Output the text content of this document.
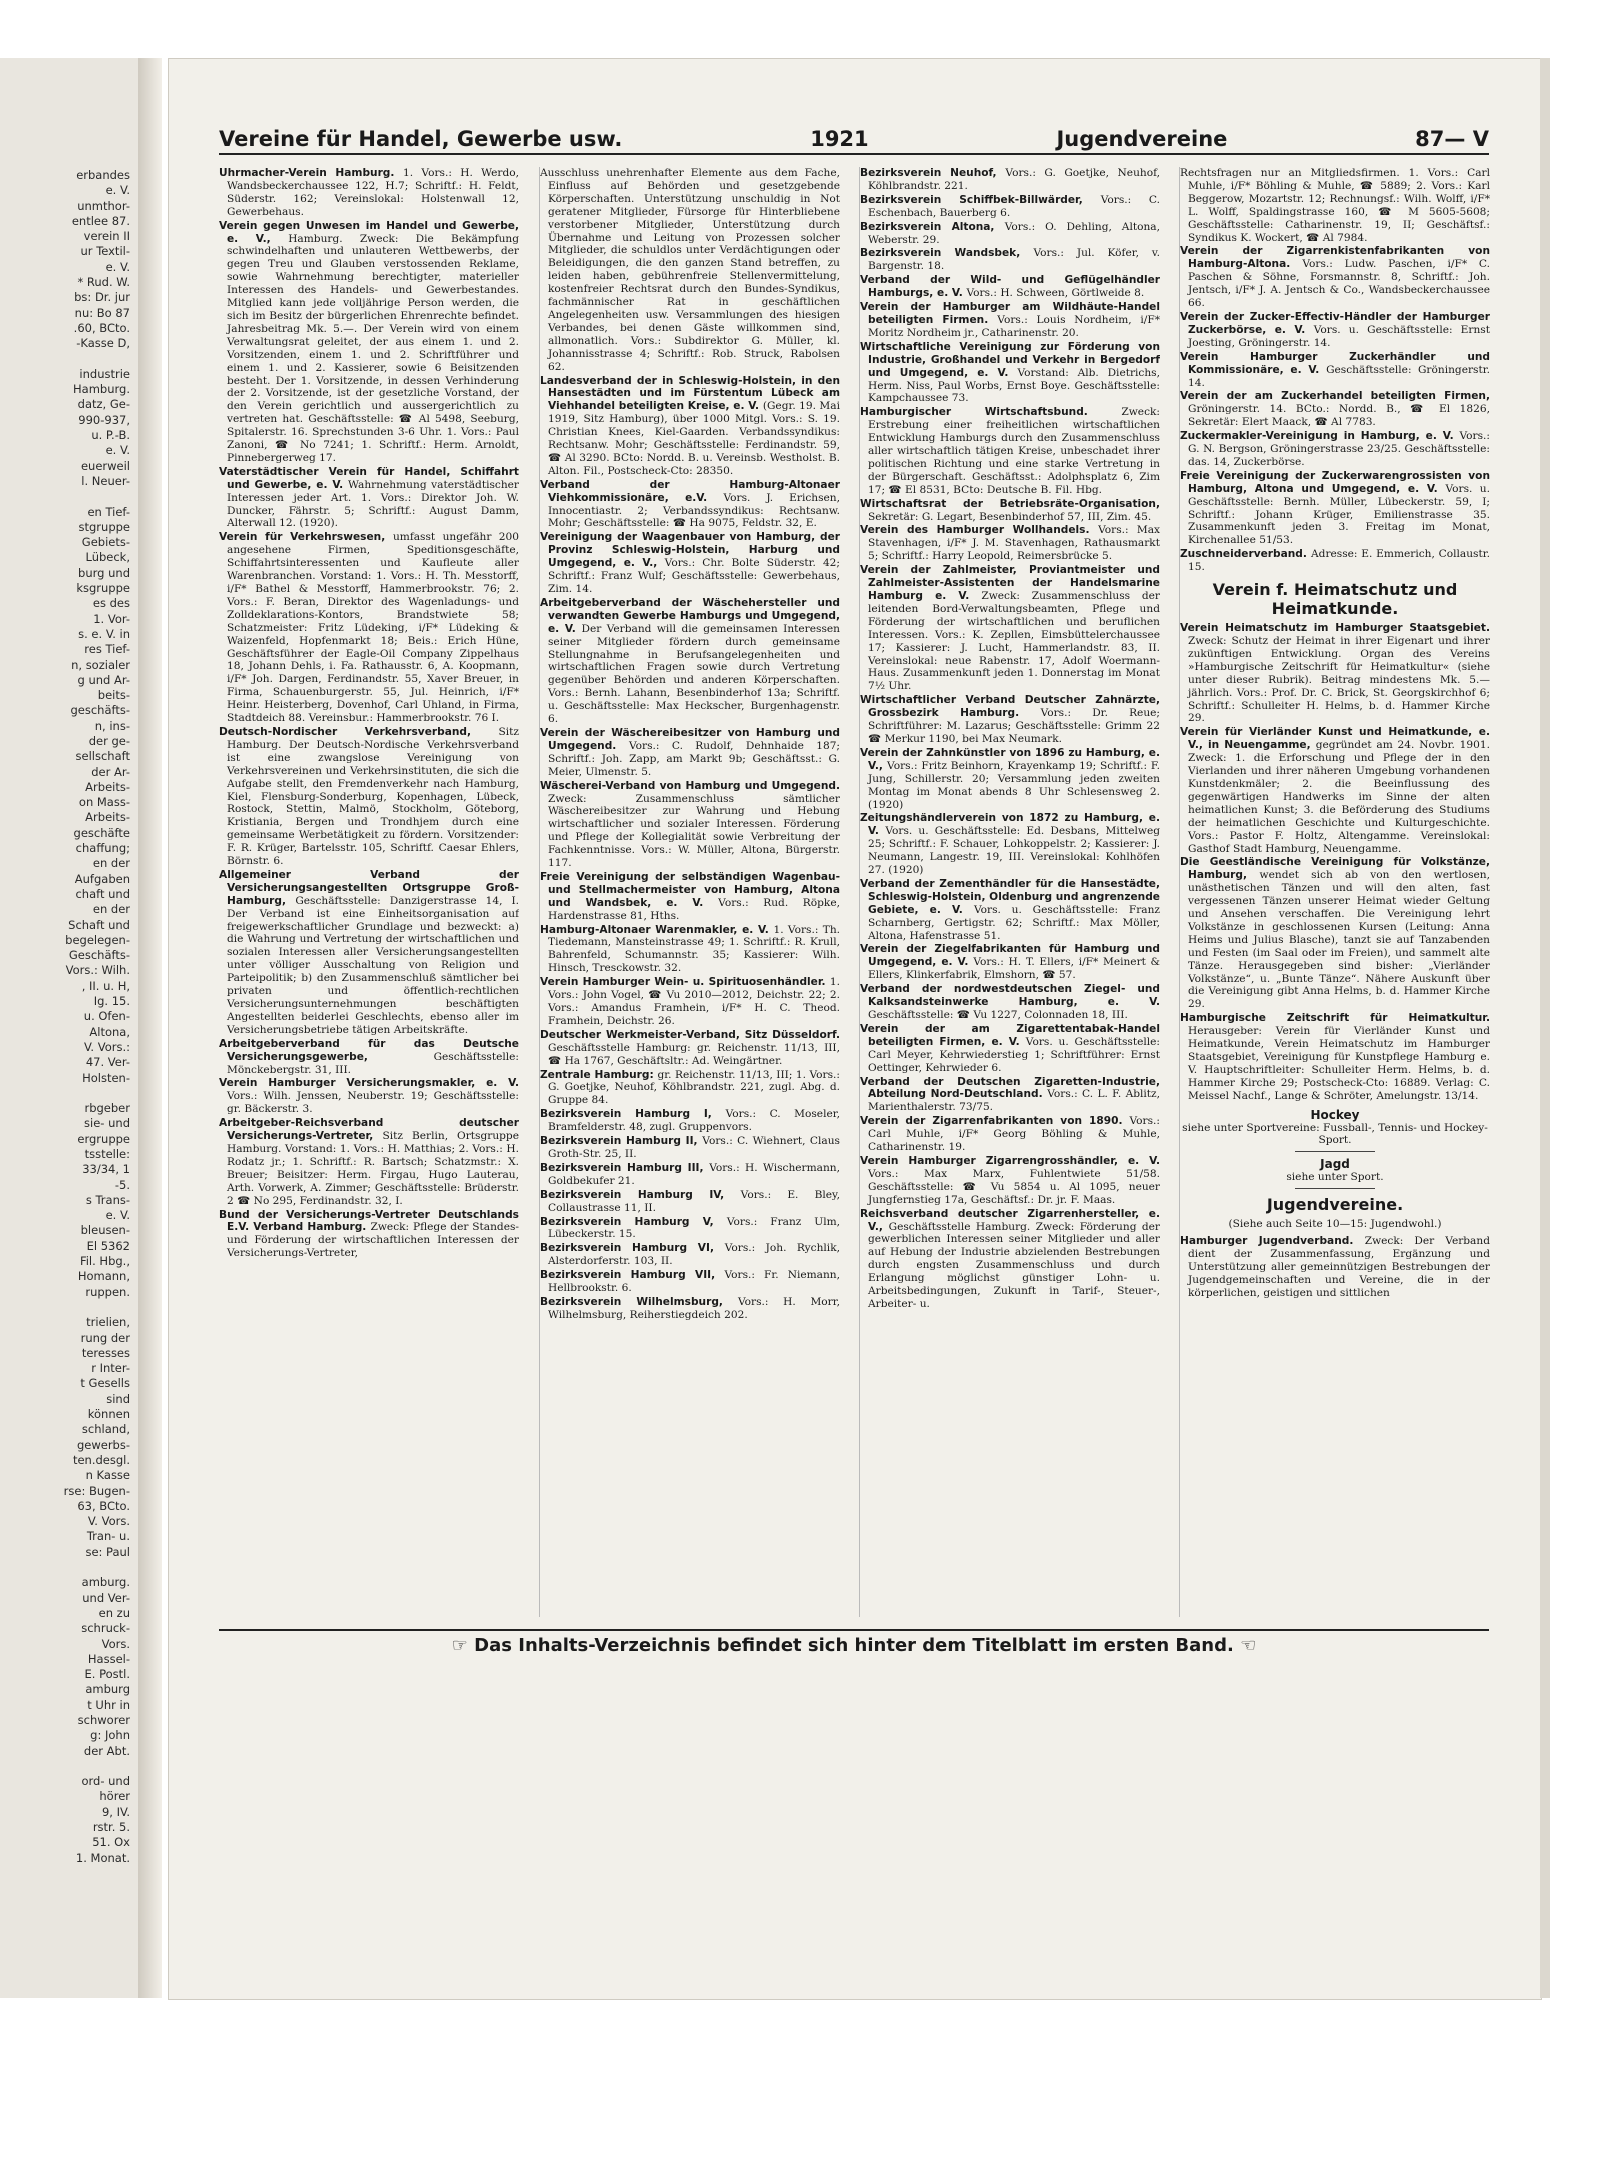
erbandes
e. V.
unmthor-
entlee 87.
verein II
ur Textil-
e. V.
* Rud. W.
bs: Dr. jur
nu: Bo 87
.60, BCto.
-Kasse D,

industrie
Hamburg.
datz, Ge-
990-937,
u. P.-B.
e. V.
euerweil
l. Neuer-

en Tief-
stgruppe
Gebiets-
Lübeck,
burg und
ksgruppe
es des
1. Vor-
s. e. V. in
res Tief-
n, sozialer
g und Ar-
beits-
geschäfts-
n, ins-
der ge-
sellschaft
der Ar-
Arbeits-
on Mass-
Arbeits-
geschäfte
chaffung;
en der
Aufgaben
chaft und
en der
Schaft und
begelegen-
Geschäfts-
Vors.: Wilh.
, II. u. H,
Ig. 15.
u. Ofen-
Altona,
V. Vors.:
47. Ver-
Holsten-

rbgeber
sie- und
ergruppe
tsstelle:
33/34, 1
-5.
s Trans-
e. V.
bleusen-
El 5362
Fil. Hbg.,
Homann,
ruppen.

trielien,
rung der
teresses
r Inter-
t Gesells
sind
können
schland,
gewerbs-
ten.desgl.
n Kasse
rse: Bugen-
63, BCto.
V. Vors.
Tran- u.
se: Paul

amburg.
und Ver-
en zu
schruck-
Vors.
Hassel-
E. Postl.
amburg
t Uhr in
schworer
g: John
der Abt.

ord- und
hörer
9, IV.
rstr. 5.
51. Ox
1. Monat.
Vereine für Handel, Gewerbe usw.	1921	Jugendvereine	87— V
Uhrmacher-Verein Hamburg. 1. Vors.: H. Werdo, Wandsbeckerchaussee 122, H.7; Schriftf.: H. Feldt, Süderstr. 162; Vereinslokal: Holstenwall 12, Gewerbehaus.
Verein gegen Unwesen im Handel und Gewerbe, e. V., Hamburg. Zweck: Die Bekämpfung schwindelhaften und unlauteren Wettbewerbs, der gegen Treu und Glauben verstossenden Reklame, sowie Wahrnehmung berechtigter, materieller Interessen des Handels- und Gewerbestandes. Mitglied kann jede volljährige Person werden, die sich im Besitz der bürgerlichen Ehrenrechte befindet. Jahresbeitrag Mk. 5.—. Der Verein wird von einem Verwaltungsrat geleitet, der aus einem 1. und 2. Vorsitzenden, einem 1. und 2. Schriftführer und einem 1. und 2. Kassierer, sowie 6 Beisitzenden besteht. Der 1. Vorsitzende, in dessen Verhinderung der 2. Vorsitzende, ist der gesetzliche Vorstand, der den Verein gerichtlich und aussergerichtlich zu vertreten hat. Geschäftsstelle: ☎ Al 5498, Seeburg, Spitalerstr. 16. Sprechstunden 3-6 Uhr. 1. Vors.: Paul Zanoni, ☎ No 7241; 1. Schriftf.: Herm. Arnoldt, Pinnebergerweg 17.
Vaterstädtischer Verein für Handel, Schiffahrt und Gewerbe, e. V. Wahrnehmung vaterstädtischer Interessen jeder Art. 1. Vors.: Direktor Joh. W. Duncker, Fährstr. 5; Schriftf.: August Damm, Alterwall 12. (1920).
Verein für Verkehrswesen, umfasst ungefähr 200 angesehene Firmen, Speditionsgeschäfte, Schiffahrtsinteressenten und Kaufleute aller Warenbranchen. Vorstand: 1. Vors.: H. Th. Messtorff, i/F* Bathel & Messtorff, Hammerbrookstr. 76; 2. Vors.: F. Beran, Direktor des Wagenladungs- und Zolldeklarations-Kontors, Brandstwiete 58; Schatzmeister: Fritz Lüdeking, i/F* Lüdeking & Waizenfeld, Hopfenmarkt 18; Beis.: Erich Hüne, Geschäftsführer der Eagle-Oil Company Zippelhaus 18, Johann Dehls, i. Fa. Rathausstr. 6, A. Koopmann, i/F* Joh. Dargen, Ferdinandstr. 55, Xaver Breuer, in Firma, Schauenburgerstr. 55, Jul. Heinrich, i/F* Heinr. Heisterberg, Dovenhof, Carl Uhland, in Firma, Stadtdeich 88. Vereinsbur.: Hammerbrookstr. 76 I.
Deutsch-Nordischer Verkehrsverband, Sitz Hamburg. Der Deutsch-Nordische Verkehrsverband ist eine zwangslose Vereinigung von Verkehrsvereinen und Verkehrsinstituten, die sich die Aufgabe stellt, den Fremdenverkehr nach Hamburg, Kiel, Flensburg-Sonderburg, Kopenhagen, Lübeck, Rostock, Stettin, Malmö, Stockholm, Göteborg, Kristiania, Bergen und Trondhjem durch eine gemeinsame Werbetätigkeit zu fördern. Vorsitzender: F. R. Krüger, Bartelsstr. 105, Schriftf. Caesar Ehlers, Börnstr. 6.
Allgemeiner Verband der Versicherungsangestellten Ortsgruppe Groß-Hamburg, Geschäftsstelle: Danzigerstrasse 14, I. Der Verband ist eine Einheitsorganisation auf freigewerkschaftlicher Grundlage und bezweckt: a) die Wahrung und Vertretung der wirtschaftlichen und sozialen Interessen aller Versicherungsangestellten unter völliger Ausschaltung von Religion und Parteipolitik; b) den Zusammenschluß sämtlicher bei privaten und öffentlich-rechtlichen Versicherungsunternehmungen beschäftigten Angestellten beiderlei Geschlechts, ebenso aller im Versicherungsbetriebe tätigen Arbeitskräfte.
Arbeitgeberverband für das Deutsche Versicherungsgewerbe, Geschäftsstelle: Mönckebergstr. 31, III.
Verein Hamburger Versicherungsmakler, e. V. Vors.: Wilh. Jenssen, Neuberstr. 19; Geschäftsstelle: gr. Bäckerstr. 3.
Arbeitgeber-Reichsverband deutscher Versicherungs-Vertreter, Sitz Berlin, Ortsgruppe Hamburg. Vorstand: 1. Vors.: H. Matthias; 2. Vors.: H. Rodatz jr.; 1. Schriftf.: R. Bartsch; Schatzmstr.: X. Breuer; Beisitzer: Herm. Firgau, Hugo Lauterau, Arth. Vorwerk, A. Zimmer; Geschäftsstelle: Brüderstr. 2 ☎ No 295, Ferdinandstr. 32, I.
Bund der Versicherungs-Vertreter Deutschlands E.V. Verband Hamburg. Zweck: Pflege der Standes- und Förderung der wirtschaftlichen Interessen der Versicherungs-Vertreter,
Ausschluss unehrenhafter Elemente aus dem Fache, Einfluss auf Behörden und gesetzgebende Körperschaften. Unterstützung unschuldig in Not geratener Mitglieder, Fürsorge für Hinterbliebene verstorbener Mitglieder, Unterstützung durch Übernahme und Leitung von Prozessen solcher Mitglieder, die schuldlos unter Verdächtigungen oder Beleidigungen, die den ganzen Stand betreffen, zu leiden haben, gebührenfreie Stellenvermittelung, kostenfreier Rechtsrat durch den Bundes-Syndikus, fachmännischer Rat in geschäftlichen Angelegenheiten usw. Versammlungen des hiesigen Verbandes, bei denen Gäste willkommen sind, allmonatlich. Vors.: Subdirektor G. Müller, kl. Johannisstrasse 4; Schriftf.: Rob. Struck, Rabolsen 62.
Landesverband der in Schleswig-Holstein, in den Hansestädten und im Fürstentum Lübeck am Viehhandel beteiligten Kreise, e. V. (Gegr. 19. Mai 1919, Sitz Hamburg), über 1000 Mitgl. Vors.: S. 19. Christian Knees, Kiel-Gaarden. Verbandssyndikus: Rechtsanw. Mohr; Geschäftsstelle: Ferdinandstr. 59, ☎ Al 3290. BCto: Nordd. B. u. Vereinsb. Westholst. B. Alton. Fil., Postscheck-Cto: 28350.
Verband der Hamburg-Altonaer Viehkommissionäre, e.V. Vors. J. Erichsen, Innocentiastr. 2; Verbandssyndikus: Rechtsanw. Mohr; Geschäftsstelle: ☎ Ha 9075, Feldstr. 32, E.
Vereinigung der Waagenbauer von Hamburg, der Provinz Schleswig-Holstein, Harburg und Umgegend, e. V., Vors.: Chr. Bolte Süderstr. 42; Schriftf.: Franz Wulf; Geschäftsstelle: Gewerbehaus, Zim. 14.
Arbeitgeberverband der Wäschehersteller und verwandten Gewerbe Hamburgs und Umgegend, e. V. Der Verband will die gemeinsamen Interessen seiner Mitglieder fördern durch gemeinsame Stellungnahme in Berufsangelegenheiten und wirtschaftlichen Fragen sowie durch Vertretung gegenüber Behörden und anderen Körperschaften. Vors.: Bernh. Lahann, Besenbinderhof 13a; Schriftf. u. Geschäftsstelle: Max Heckscher, Burgenhagenstr. 6.
Verein der Wäschereibesitzer von Hamburg und Umgegend. Vors.: C. Rudolf, Dehnhaide 187; Schriftf.: Joh. Zapp, am Markt 9b; Geschäftsst.: G. Meier, Ulmenstr. 5.
Wäscherei-Verband von Hamburg und Umgegend. Zweck: Zusammenschluss sämtlicher Wäschereibesitzer zur Wahrung und Hebung wirtschaftlicher und sozialer Interessen. Förderung und Pflege der Kollegialität sowie Verbreitung der Fachkenntnisse. Vors.: W. Müller, Altona, Bürgerstr. 117.
Freie Vereinigung der selbständigen Wagenbau- und Stellmachermeister von Hamburg, Altona und Wandsbek, e. V. Vors.: Rud. Röpke, Hardenstrasse 81, Hths.
Hamburg-Altonaer Warenmakler, e. V. 1. Vors.: Th. Tiedemann, Mansteinstrasse 49; 1. Schriftf.: R. Krull, Bahrenfeld, Schumannstr. 35; Kassierer: Wilh. Hinsch, Tresckowstr. 32.
Verein Hamburger Wein- u. Spirituosenhändler. 1. Vors.: John Vogel, ☎ Vu 2010—2012, Deichstr. 22; 2. Vors.: Amandus Framhein, i/F* H. C. Theod. Framhein, Deichstr. 26.
Deutscher Werkmeister-Verband, Sitz Düsseldorf. Geschäftsstelle Hamburg: gr. Reichenstr. 11/13, III, ☎ Ha 1767, Geschäftsltr.: Ad. Weingärtner.
Zentrale Hamburg: gr. Reichenstr. 11/13, III; 1. Vors.: G. Goetjke, Neuhof, Köhlbrandstr. 221, zugl. Abg. d. Gruppe 84.
Bezirksverein Hamburg I, Vors.: C. Moseler, Bramfelderstr. 48, zugl. Gruppenvors.
Bezirksverein Hamburg II, Vors.: C. Wiehnert, Claus Groth-Str. 25, II.
Bezirksverein Hamburg III, Vors.: H. Wischermann, Goldbekufer 21.
Bezirksverein Hamburg IV, Vors.: E. Bley, Collaustrasse 11, II.
Bezirksverein Hamburg V, Vors.: Franz Ulm, Lübeckerstr. 15.
Bezirksverein Hamburg VI, Vors.: Joh. Rychlik, Alsterdorferstr. 103, II.
Bezirksverein Hamburg VII, Vors.: Fr. Niemann, Hellbrookstr. 6.
Bezirksverein Wilhelmsburg, Vors.: H. Morr, Wilhelmsburg, Reiherstiegdeich 202.
Bezirksverein Neuhof, Vors.: G. Goetjke, Neuhof, Köhlbrandstr. 221.
Bezirksverein Schiffbek-Billwärder, Vors.: C. Eschenbach, Bauerberg 6.
Bezirksverein Altona, Vors.: O. Dehling, Altona, Weberstr. 29.
Bezirksverein Wandsbek, Vors.: Jul. Köfer, v. Bargenstr. 18.
Verband der Wild- und Geflügelhändler Hamburgs, e. V. Vors.: H. Schween, Görtlweide 8.
Verein der Hamburger am Wildhäute-Handel beteiligten Firmen. Vors.: Louis Nordheim, i/F* Moritz Nordheim jr., Catharinenstr. 20.
Wirtschaftliche Vereinigung zur Förderung von Industrie, Großhandel und Verkehr in Bergedorf und Umgegend, e. V. Vorstand: Alb. Dietrichs, Herm. Niss, Paul Worbs, Ernst Boye. Geschäftsstelle: Kampchaussee 73.
Hamburgischer Wirtschaftsbund. Zweck: Erstrebung einer freiheitlichen wirtschaftlichen Entwicklung Hamburgs durch den Zusammenschluss aller wirtschaftlich tätigen Kreise, unbeschadet ihrer politischen Richtung und eine starke Vertretung in der Bürgerschaft. Geschäftsst.: Adolphsplatz 6, Zim 17; ☎ El 8531, BCto: Deutsche B. Fil. Hbg.
Wirtschaftsrat der Betriebsräte-Organisation, Sekretär: G. Legart, Besenbinderhof 57, III, Zim. 45.
Verein des Hamburger Wollhandels. Vors.: Max Stavenhagen, i/F* J. M. Stavenhagen, Rathausmarkt 5; Schriftf.: Harry Leopold, Reimersbrücke 5.
Verein der Zahlmeister, Proviantmeister und Zahlmeister-Assistenten der Handelsmarine Hamburg e. V. Zweck: Zusammenschluss der leitenden Bord-Verwaltungsbeamten, Pflege und Förderung der wirtschaftlichen und beruflichen Interessen. Vors.: K. Zepllen, Eimsbüttelerchaussee 17; Kassierer: J. Lucht, Hammerlandstr. 83, II. Vereinslokal: neue Rabenstr. 17, Adolf Woermann-Haus. Zusammenkunft jeden 1. Donnerstag im Monat 7½ Uhr.
Wirtschaftlicher Verband Deutscher Zahnärzte, Grossbezirk Hamburg. Vors.: Dr. Reue; Schriftführer: M. Lazarus; Geschäftsstelle: Grimm 22 ☎ Merkur 1190, bei Max Neumark.
Verein der Zahnkünstler von 1896 zu Hamburg, e. V., Vors.: Fritz Beinhorn, Krayenkamp 19; Schriftf.: F. Jung, Schillerstr. 20; Versammlung jeden zweiten Montag im Monat abends 8 Uhr Schlesensweg 2. (1920)
Zeitungshändlerverein von 1872 zu Hamburg, e. V. Vors. u. Geschäftsstelle: Ed. Desbans, Mittelweg 25; Schriftf.: F. Schauer, Lohkoppelstr. 2; Kassierer: J. Neumann, Langestr. 19, III. Vereinslokal: Kohlhöfen 27. (1920)
Verband der Zementhändler für die Hansestädte, Schleswig-Holstein, Oldenburg und angrenzende Gebiete, e. V. Vors. u. Geschäftsstelle: Franz Scharnberg, Gertigstr. 62; Schriftf.: Max Möller, Altona, Hafenstrasse 51.
Verein der Ziegelfabrikanten für Hamburg und Umgegend, e. V. Vors.: H. T. Ellers, i/F* Meinert & Ellers, Klinkerfabrik, Elmshorn, ☎ 57.
Verband der nordwestdeutschen Ziegel- und Kalksandsteinwerke Hamburg, e. V. Geschäftsstelle: ☎ Vu 1227, Colonnaden 18, III.
Verein der am Zigarettentabak-Handel beteiligten Firmen, e. V. Vors. u. Geschäftsstelle: Carl Meyer, Kehrwiederstieg 1; Schriftführer: Ernst Oettinger, Kehrwieder 6.
Verband der Deutschen Zigaretten-Industrie, Abteilung Nord-Deutschland. Vors.: C. L. F. Ablitz, Marienthalerstr. 73/75.
Verein der Zigarrenfabrikanten von 1890. Vors.: Carl Muhle, i/F* Georg Böhling & Muhle, Catharinenstr. 19.
Verein Hamburger Zigarrengrosshändler, e. V. Vors.: Max Marx, Fuhlentwiete 51/58. Geschäftsstelle: ☎ Vu 5854 u. Al 1095, neuer Jungfernstieg 17a, Geschäftsf.: Dr. jr. F. Maas.
Reichsverband deutscher Zigarrenhersteller, e. V., Geschäftsstelle Hamburg. Zweck: Förderung der gewerblichen Interessen seiner Mitglieder und aller auf Hebung der Industrie abzielenden Bestrebungen durch engsten Zusammenschluss und durch Erlangung möglichst günstiger Lohn- u. Arbeitsbedingungen, Zukunft in Tarif-, Steuer-, Arbeiter- u.
Rechtsfragen nur an Mitgliedsfirmen. 1. Vors.: Carl Muhle, i/F* Böhling & Muhle, ☎ 5889; 2. Vors.: Karl Beggerow, Mozartstr. 12; Rechnungsf.: Wilh. Wolff, i/F* L. Wolff, Spaldingstrasse 160, ☎ M 5605-5608; Geschäftsstelle: Catharinenstr. 19, II; Geschäftsf.: Syndikus K. Wockert, ☎ Al 7984.
Verein der Zigarrenkistenfabrikanten von Hamburg-Altona. Vors.: Ludw. Paschen, i/F* C. Paschen & Söhne, Forsmannstr. 8, Schriftf.: Joh. Jentsch, i/F* J. A. Jentsch & Co., Wandsbeckerchaussee 66.
Verein der Zucker-Effectiv-Händler der Hamburger Zuckerbörse, e. V. Vors. u. Geschäftsstelle: Ernst Joesting, Gröningerstr. 14.
Verein Hamburger Zuckerhändler und Kommissionäre, e. V. Geschäftsstelle: Gröningerstr. 14.
Verein der am Zuckerhandel beteiligten Firmen, Gröningerstr. 14. BCto.: Nordd. B., ☎ El 1826, Sekretär: Elert Maack, ☎ Al 7783.
Zuckermakler-Vereinigung in Hamburg, e. V. Vors.: G. N. Bergson, Gröningerstrasse 23/25. Geschäftsstelle: das. 14, Zuckerbörse.
Freie Vereinigung der Zuckerwarengrossisten von Hamburg, Altona und Umgegend, e. V. Vors. u. Geschäftsstelle: Bernh. Müller, Lübeckerstr. 59, I; Schriftf.: Johann Krüger, Emilienstrasse 35. Zusammenkunft jeden 3. Freitag im Monat, Kirchenallee 51/53.
Zuschneiderverband. Adresse: E. Emmerich, Collaustr. 15.
Verein f. Heimatschutz und Heimatkunde.
Verein Heimatschutz im Hamburger Staatsgebiet. Zweck: Schutz der Heimat in ihrer Eigenart und ihrer zukünftigen Entwicklung. Organ des Vereins »Hamburgische Zeitschrift für Heimatkultur« (siehe unter dieser Rubrik). Beitrag mindestens Mk. 5.— jährlich. Vors.: Prof. Dr. C. Brick, St. Georgskirchhof 6; Schriftf.: Schulleiter H. Helms, b. d. Hammer Kirche 29.
Verein für Vierländer Kunst und Heimatkunde, e. V., in Neuengamme, gegründet am 24. Novbr. 1901. Zweck: 1. die Erforschung und Pflege der in den Vierlanden und ihrer näheren Umgebung vorhandenen Kunstdenkmäler; 2. die Beeinflussung des gegenwärtigen Handwerks im Sinne der alten heimatlichen Kunst; 3. die Beförderung des Studiums der heimatlichen Geschichte und Kulturgeschichte. Vors.: Pastor F. Holtz, Altengamme. Vereinslokal: Gasthof Stadt Hamburg, Neuengamme.
Die Geestländische Vereinigung für Volkstänze, Hamburg, wendet sich ab von den wertlosen, unästhetischen Tänzen und will den alten, fast vergessenen Tänzen unserer Heimat wieder Geltung und Ansehen verschaffen. Die Vereinigung lehrt Volkstänze in geschlossenen Kursen (Leitung: Anna Heims und Julius Blasche), tanzt sie auf Tanzabenden und Festen (im Saal oder im Freien), und sammelt alte Tänze. Herausgegeben sind bisher: „Vierländer Volkstänze“, u. „Bunte Tänze“. Nähere Auskunft über die Vereinigung gibt Anna Helms, b. d. Hammer Kirche 29.
Hamburgische Zeitschrift für Heimatkultur. Herausgeber: Verein für Vierländer Kunst und Heimatkunde, Verein Heimatschutz im Hamburger Staatsgebiet, Vereinigung für Kunstpflege Hamburg e. V. Hauptschriftleiter: Schulleiter Herm. Helms, b. d. Hammer Kirche 29; Postscheck-Cto: 16889. Verlag: C. Meissel Nachf., Lange & Schröter, Amelungstr. 13/14.
Hockey
siehe unter Sportvereine: Fussball-, Tennis- und Hockey-Sport.
Jagd
siehe unter Sport.
Jugendvereine.
(Siehe auch Seite 10—15: Jugendwohl.)
Hamburger Jugendverband. Zweck: Der Verband dient der Zusammenfassung, Ergänzung und Unterstützung aller gemeinnützigen Bestrebungen der Jugendgemeinschaften und Vereine, die in der körperlichen, geistigen und sittlichen
☞ Das Inhalts-Verzeichnis befindet sich hinter dem Titelblatt im ersten Band. ☜
